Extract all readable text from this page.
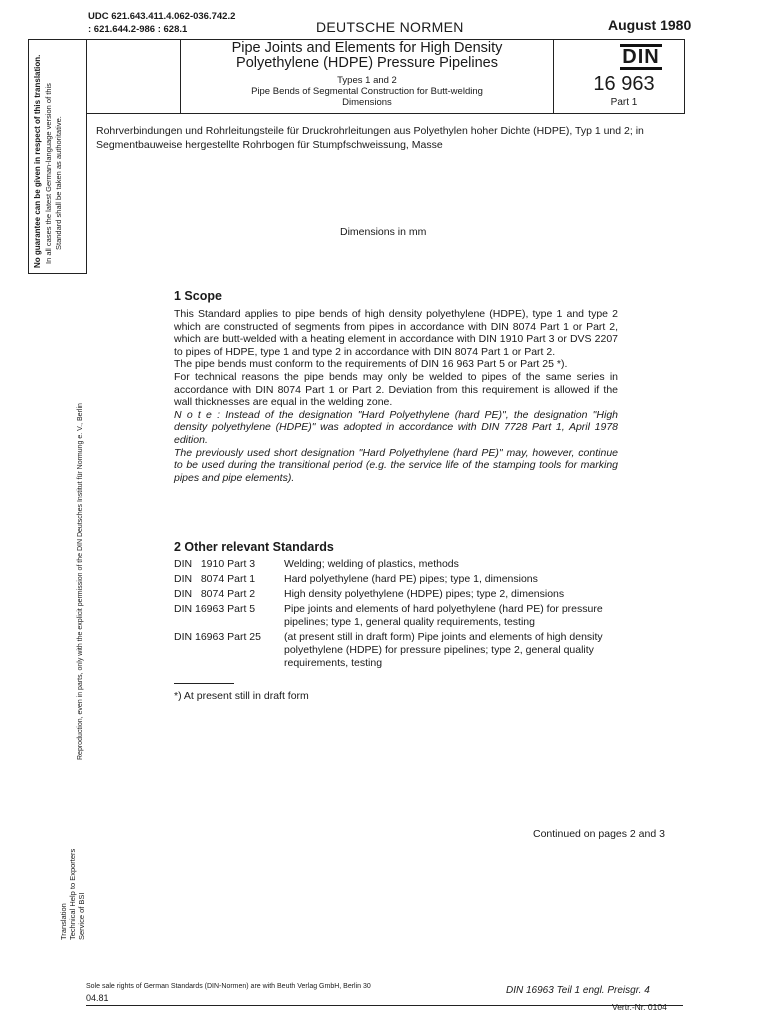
UDC 621.643.411.4.062-036.742.2
: 621.644.2-986 : 628.1	DEUTSCHE NORMEN	August 1980
Pipe Joints and Elements for High Density
Polyethylene (HDPE) Pressure Pipelines
Types 1 and 2
Pipe Bends of Segmental Construction for Butt-welding
Dimensions
DIN
16 963
Part 1
No guarantee can be given in respect of this translation. In all cases the latest German-language version of this Standard shall be taken as authoritative.
Reproduction, even in parts, only with the explicit permission of the DIN Deutsches Institut für Normung e. V., Berlin
Translation Technical Help to Exporters Service of BSI
Rohrverbindungen und Rohrleitungsteile für Druckrohrleitungen aus Polyethylen hoher Dichte (HDPE), Typ 1 und 2; in Segmentbauweise hergestellte Rohrbogen für Stumpfschweissung, Masse
Dimensions in mm
1 Scope

This Standard applies to pipe bends of high density polyethylene (HDPE), type 1 and type 2 which are constructed of segments from pipes in accordance with DIN 8074 Part 1 or Part 2, which are butt-welded with a heating element in accordance with DIN 1910 Part 3 or DVS 2207 to pipes of HDPE, type 1 and type 2 in accordance with DIN 8074 Part 1 or Part 2.

The pipe bends must conform to the requirements of DIN 16 963 Part 5 or Part 25 *).

For technical reasons the pipe bends may only be welded to pipes of the same series in accordance with DIN 8074 Part 1 or Part 2. Deviation from this requirement is allowed if the wall thicknesses are equal in the welding zone.

N o t e : Instead of the designation "Hard Polyethylene (hard PE)", the designation "High density polyethylene (HDPE)" was adopted in accordance with DIN 7728 Part 1, April 1978 edition.

The previously used short designation "Hard Polyethylene (hard PE)" may, however, continue to be used during the transitional period (e.g. the service life of the stamping tools for marking pipes and pipe elements).

2 Other relevant Standards
DIN   1910 Part 3	Welding; welding of plastics, methods
DIN   8074 Part 1	Hard polyethylene (hard PE) pipes; type 1, dimensions
DIN   8074 Part 2	High density polyethylene (HDPE) pipes; type 2, dimensions
DIN 16963 Part 5	Pipe joints and elements of hard polyethylene (hard PE) for pressure pipelines; type 1, general quality requirements, testing
DIN 16963 Part 25	(at present still in draft form) Pipe joints and elements of high density polyethylene (HDPE) for pressure pipelines; type 2, general quality requirements, testing
*) At present still in draft form
Continued on pages 2 and 3
Sole sale rights of German Standards (DIN-Normen) are with Beuth Verlag GmbH, Berlin 30
04.81
DIN 16963 Teil 1 engl. Preisgr. 4
Vertr.-Nr. 0104
